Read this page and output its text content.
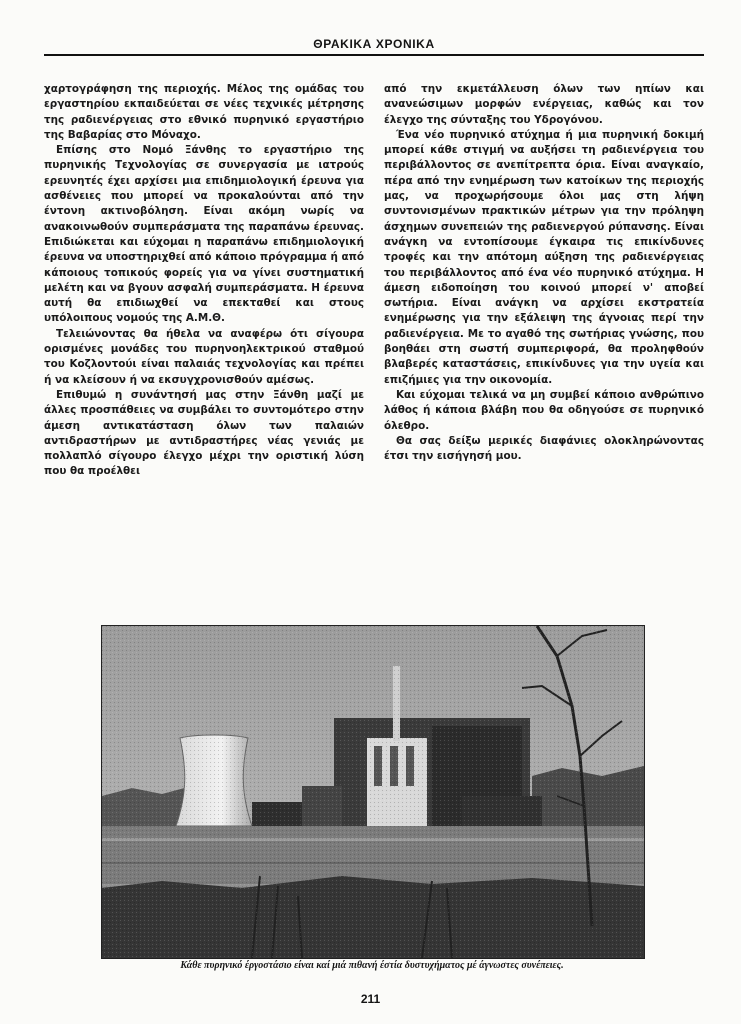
ΘΡΑΚΙΚΑ ΧΡΟΝΙΚΑ

χαρτογράφηση της περιοχής. Μέλος της ομάδας του εργαστηρίου εκπαιδεύεται σε νέες τεχνικές μέτρησης της ραδιενέργειας στο εθνικό πυρηνικό εργαστήριο της Βαβαρίας στο Μόναχο.

Επίσης στο Νομό Ξάνθης το εργαστήριο της πυρηνικής Τεχνολογίας σε συνεργασία με ιατρούς ερευνητές έχει αρχίσει μια επιδημιολογική έρευνα για ασθένειες που μπορεί να προκαλούνται από την έντονη ακτινοβόληση. Είναι ακόμη νωρίς να ανακοινωθούν συμπεράσματα της παραπάνω έρευνας. Επιδιώκεται και εύχομαι η παραπάνω επιδημιολογική έρευνα να υποστηριχθεί από κάποιο πρόγραμμα ή από κάποιους τοπικούς φορείς για να γίνει συστηματική μελέτη και να βγουν ασφαλή συμπεράσματα. Η έρευνα αυτή θα επιδιωχθεί να επεκταθεί και στους υπόλοιπους νομούς της Α.Μ.Θ.

Τελειώνοντας θα ήθελα να αναφέρω ότι σίγουρα ορισμένες μονάδες του πυρηνοηλεκτρικού σταθμού του Κοζλοντούι είναι παλαιάς τεχνολογίας και πρέπει ή να κλείσουν ή να εκσυγχρονισθούν αμέσως.

Επιθυμώ η συνάντησή μας στην Ξάνθη μαζί με άλλες προσπάθειες να συμβάλει το συντομότερο στην άμεση αντικατάσταση όλων των παλαιών αντιδραστήρων με αντιδραστήρες νέας γενιάς με πολλαπλό σίγουρο έλεγχο μέχρι την οριστική λύση που θα προέλθει

από την εκμετάλλευση όλων των ηπίων και ανανεώσιμων μορφών ενέργειας, καθώς και τον έλεγχο της σύνταξης του Υδρογόνου.

Ένα νέο πυρηνικό ατύχημα ή μια πυρηνική δοκιμή μπορεί κάθε στιγμή να αυξήσει τη ραδιενέργεια του περιβάλλοντος σε ανεπίτρεπτα όρια. Είναι αναγκαίο, πέρα από την ενημέρωση των κατοίκων της περιοχής μας, να προχωρήσουμε όλοι μας στη λήψη συντονισμένων πρακτικών μέτρων για την πρόληψη άσχημων συνεπειών της ραδιενεργού ρύπανσης. Είναι ανάγκη να εντοπίσουμε έγκαιρα τις επικίνδυνες τροφές και την απότομη αύξηση της ραδιενέργειας του περιβάλλοντος από ένα νέο πυρηνικό ατύχημα. Η άμεση ειδοποίηση του κοινού μπορεί ν' αποβεί σωτήρια. Είναι ανάγκη να αρχίσει εκστρατεία ενημέρωσης για την εξάλειψη της άγνοιας περί την ραδιενέργεια. Με το αγαθό της σωτήριας γνώσης, που βοηθάει στη σωστή συμπεριφορά, θα προληφθούν βλαβερές καταστάσεις, επικίνδυνες για την υγεία και επιζήμιες για την οικονομία.

Και εύχομαι τελικά να μη συμβεί κάποιο ανθρώπινο λάθος ή κάποια βλάβη που θα οδηγούσε σε πυρηνικό όλεθρο.

Θα σας δείξω μερικές διαφάνιες ολοκληρώνοντας έτσι την εισήγησή μου.

Κάθε πυρηνικό έργοστάσιο είναι καί μιά πιθανή έστία δυστυχήματος μέ άγνωστες συνέπειες.
211
